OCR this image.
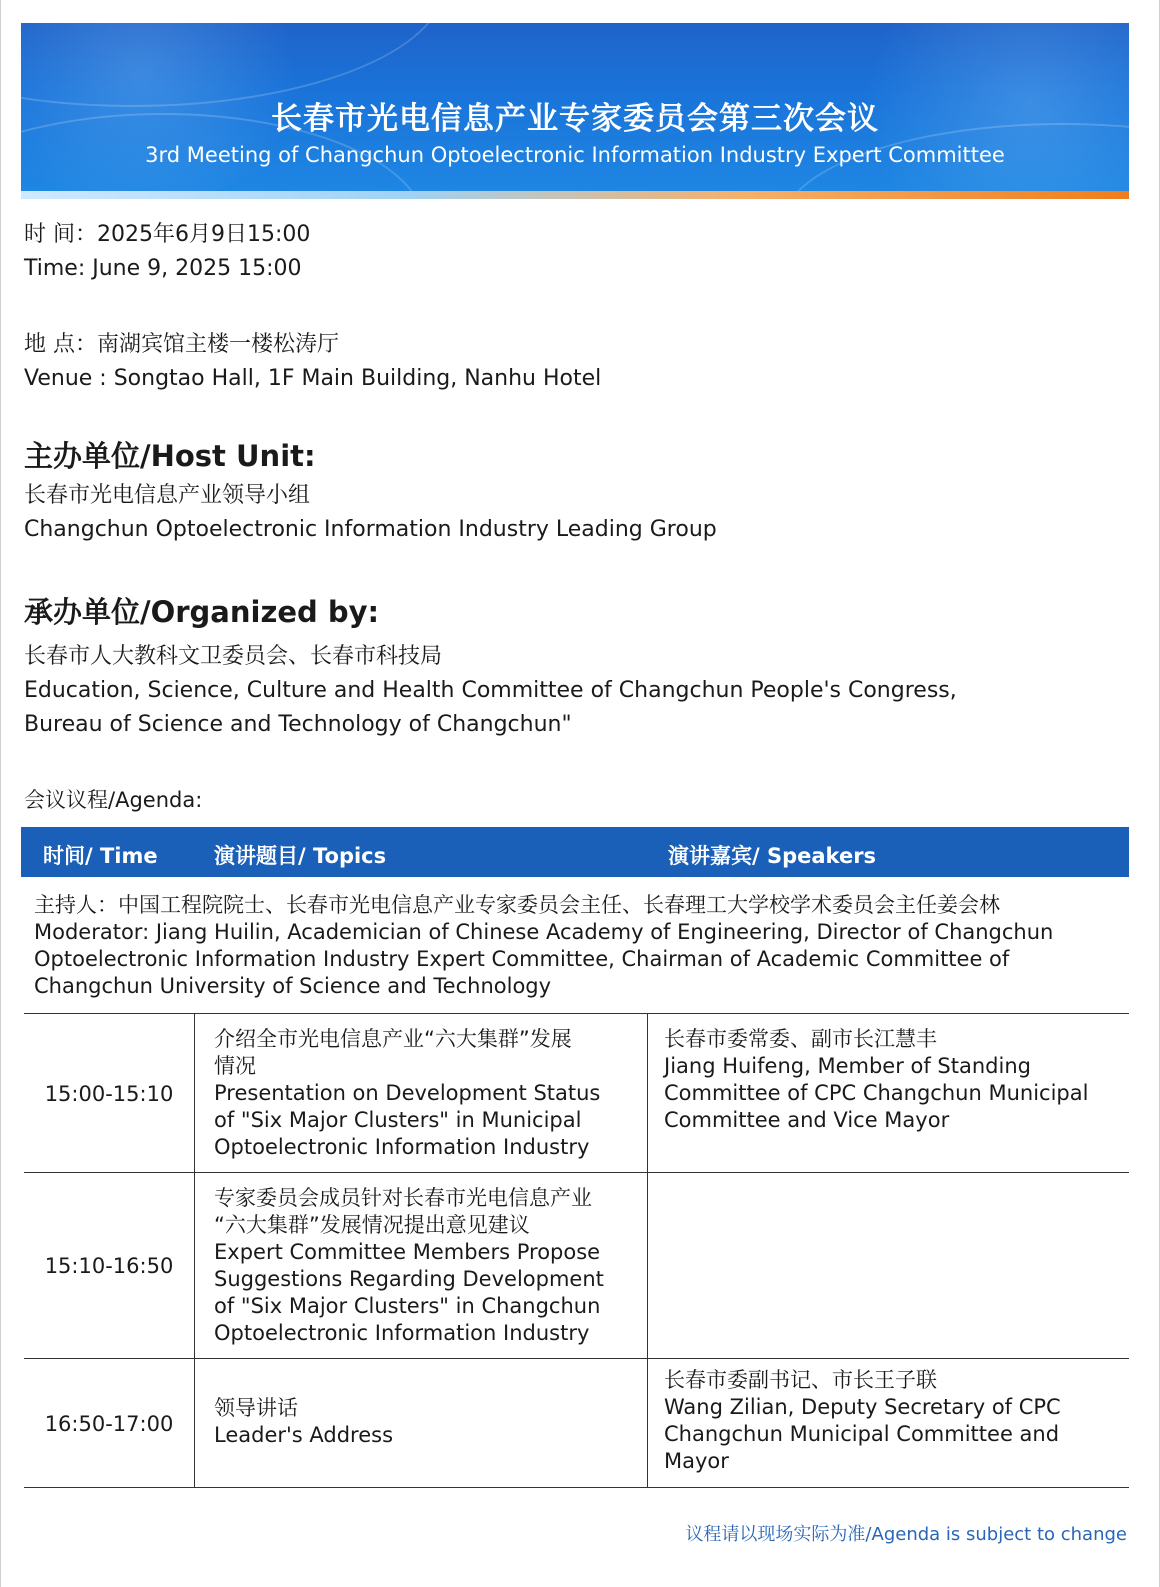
长春市光电信息产业专家委员会第三次会议
3rd Meeting of Changchun Optoelectronic Information Industry Expert Committee
时 间：2025年6月9日15:00
Time: June 9, 2025 15:00
地 点：南湖宾馆主楼一楼松涛厅
Venue : Songtao Hall, 1F Main Building, Nanhu Hotel
主办单位/Host Unit:
长春市光电信息产业领导小组
Changchun Optoelectronic Information Industry Leading Group
承办单位/Organized by:
长春市人大教科文卫委员会、长春市科技局
Education, Science, Culture and Health Committee of Changchun People's Congress,
Bureau of Science and Technology of Changchun"
会议议程/Agenda:
时间/ Time	演讲题目/ Topics	演讲嘉宾/ Speakers
主持人：中国工程院院士、长春市光电信息产业专家委员会主任、长春理工大学校学术委员会主任姜会林
Moderator: Jiang Huilin, Academician of Chinese Academy of Engineering, Director of Changchun
Optoelectronic Information Industry Expert Committee, Chairman of Academic Committee of
Changchun University of Science and Technology
15:00-15:10
介绍全市光电信息产业“六大集群”发展
情况
Presentation on Development Status
of "Six Major Clusters" in Municipal
Optoelectronic Information Industry
长春市委常委、副市长江慧丰
Jiang Huifeng, Member of Standing
Committee of CPC Changchun Municipal
Committee and Vice Mayor
15:10-16:50
专家委员会成员针对长春市光电信息产业
“六大集群”发展情况提出意见建议
Expert Committee Members Propose
Suggestions Regarding Development
of "Six Major Clusters" in Changchun
Optoelectronic Information Industry
16:50-17:00
领导讲话
Leader's Address
长春市委副书记、市长王子联
Wang Zilian, Deputy Secretary of CPC
Changchun Municipal Committee and
Mayor
议程请以现场实际为准/Agenda is subject to change
